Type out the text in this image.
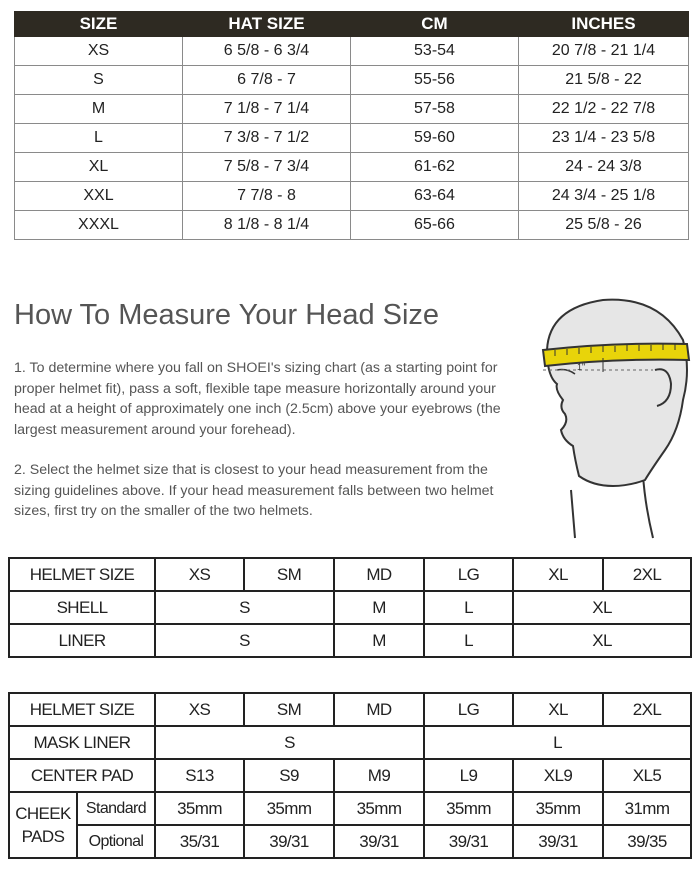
SIZE	HAT SIZE	CM	INCHES
XS	6 5/8 - 6 3/4	53-54	20 7/8 - 21 1/4
S	6 7/8 - 7	55-56	21 5/8 - 22
M	7 1/8 - 7 1/4	57-58	22 1/2 - 22 7/8
L	7 3/8 - 7 1/2	59-60	23 1/4 - 23 5/8
XL	7 5/8 - 7 3/4	61-62	24 - 24 3/8
XXL	7 7/8 - 8	63-64	24 3/4 - 25 1/8
XXXL	8 1/8 - 8 1/4	65-66	25 5/8 - 26
How To Measure Your Head Size

1. To determine where you fall on SHOEI's sizing chart (as a starting point for proper helmet fit), pass a soft, flexible tape measure horizontally around your head at a height of approximately one inch (2.5cm) above your eyebrows (the largest measurement around your forehead).

2. Select the helmet size that is closest to your head measurement from the sizing guidelines above. If your head measurement falls between two helmet sizes, first try on the smaller of the two helmets.

1"
HELMET SIZE	XS	SM	MD	LG	XL	2XL
SHELL	S		M	L	XL	
LINER	S		M	L	XL	
HELMET SIZE		XS	SM	MD	LG	XL	2XL
MASK LINER		S			L		
CENTER PAD		S13	S9	M9	L9	XL9	XL5
CHEEK PADS	Standard	35mm	35mm	35mm	35mm	35mm	31mm
	Optional	35/31	39/31	39/31	39/31	39/31	39/35
